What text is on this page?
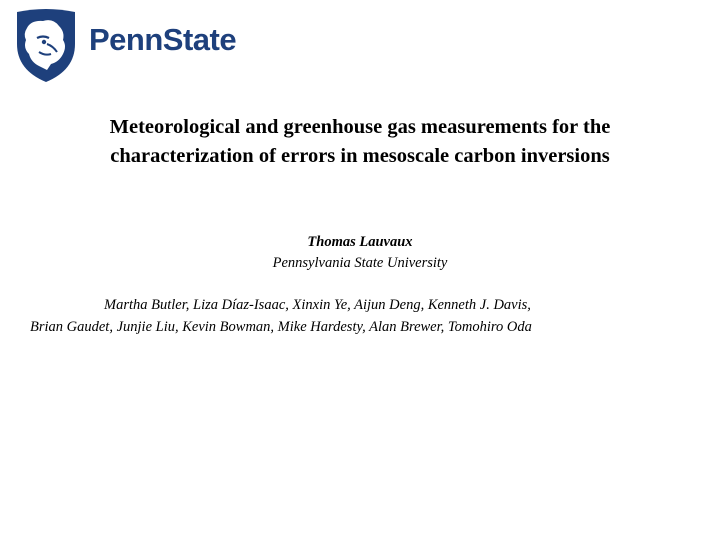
PennState
Meteorological and greenhouse gas measurements for the
characterization of errors in mesoscale carbon inversions
Thomas Lauvaux
Pennsylvania State University
Martha Butler, Liza Díaz-Isaac, Xinxin Ye, Aijun Deng, Kenneth J. Davis,
Brian Gaudet, Junjie Liu, Kevin Bowman, Mike Hardesty, Alan Brewer, Tomohiro Oda
